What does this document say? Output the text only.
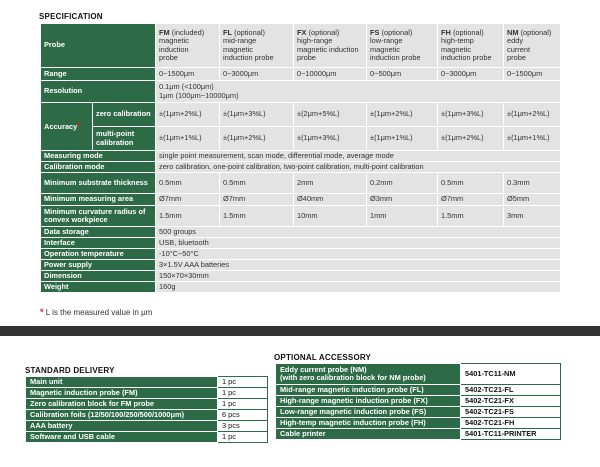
SPECIFICATION
Probe		FM (included)
magnetic
induction
probe	FL (optional)
mid-range
magnetic
induction probe	FX (optional)
high-range
magnetic induction probe	FS (optional)
low-range
magnetic
induction probe	FH (optional)
high-temp
magnetic
induction probe	NM (optional)
eddy
current
probe
Range		0~1500μm	0~3000μm	0~10000μm	0~500μm	0~3000μm	0~1500μm
Resolution		0.1μm (<100μm)
1μm (100μm~10000μm)					
Accuracy*	zero calibration	±(1μm+2%L)	±(1μm+3%L)	±(2μm+5%L)	±(1μm+2%L)	±(1μm+3%L)	±(1μm+2%L)
	multi-point calibration	±(1μm+1%L)	±(1μm+2%L)	±(1μm+3%L)	±(1μm+1%L)	±(1μm+2%L)	±(1μm+1%L)
Measuring mode		single point measurement, scan mode, differential mode, average mode					
Calibration mode		zero calibration, one-point calibration, two-point calibration, multi-point calibration					
Minimum substrate thickness		0.5mm	0.5mm	2mm	0.2mm	0.5mm	0.3mm
Minimum measuring area		Ø7mm	Ø7mm	Ø40mm	Ø3mm	Ø7mm	Ø5mm
Minimum curvature radius of convex workpiece		1.5mm	1.5mm	10mm	1mm	1.5mm	3mm
Data storage		500 groups					
Interface		USB, bluetooth					
Operation temperature		-10°C~50°C					
Power supply		3×1.5V AAA batteries					
Dimension		150×70×30mm					
Weight		160g					
* L is the measured value in μm
STANDARD DELIVERY
Main unit	1 pc
Magnetic induction probe (FM)	1 pc
Zero calibration block for FM probe	1 pc
Calibration foils (12/50/100/250/500/1000μm)	6 pcs
AAA battery	3 pcs
Software and USB cable	1 pc
OPTIONAL ACCESSORY
Eddy current probe (NM)
(with zero calibration block for NM probe)	5401-TC11-NM
Mid-range magnetic induction probe (FL)	5402-TC21-FL
High-range magnetic induction probe (FX)	5402-TC21-FX
Low-range magnetic induction probe (FS)	5402-TC21-FS
High-temp magnetic induction probe (FH)	5402-TC21-FH
Cable printer	5401-TC11-PRINTER
